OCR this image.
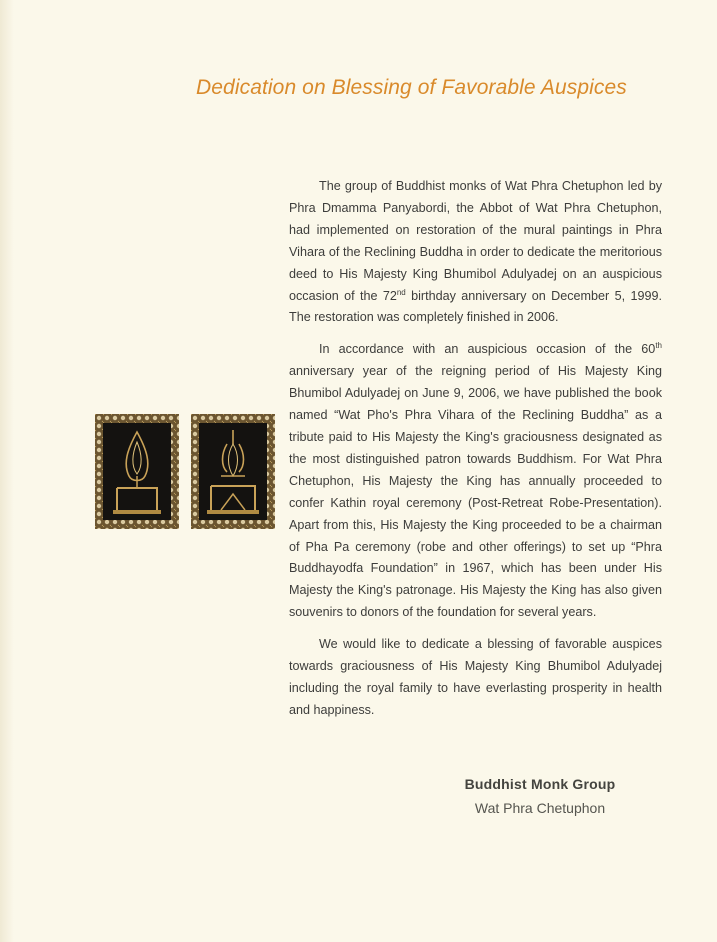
Dedication on Blessing of Favorable Auspices

The group of Buddhist monks of Wat Phra Chetuphon led by Phra Dmamma Panyabordi, the Abbot of Wat Phra Chetuphon, had implemented on restoration of the mural paintings in Phra Vihara of the Reclining Buddha in order to dedicate the meritorious deed to His Majesty King Bhumibol Adulyadej on an auspicious occasion of the 72nd birthday anniversary on December 5, 1999. The restoration was completely finished in 2006.

In accordance with an auspicious occasion of the 60th anniversary year of the reigning period of His Majesty King Bhumibol Adulyadej on June 9, 2006, we have published the book named “Wat Pho's Phra Vihara of the Reclining Buddha” as a tribute paid to His Majesty the King's graciousness designated as the most distinguished patron towards Buddhism. For Wat Phra Chetuphon, His Majesty the King has annually proceeded to confer Kathin royal ceremony (Post-Retreat Robe-Presentation). Apart from this, His Majesty the King proceeded to be a chairman of Pha Pa ceremony (robe and other offerings) to set up “Phra Buddhayodfa Foundation” in 1967, which has been under His Majesty the King's patronage. His Majesty the King has also given souvenirs to donors of the foundation for several years.

We would like to dedicate a blessing of favorable auspices towards graciousness of His Majesty King Bhumibol Adulyadej including the royal family to have everlasting prosperity in health and happiness.

Buddhist Monk Group
Wat Phra Chetuphon
